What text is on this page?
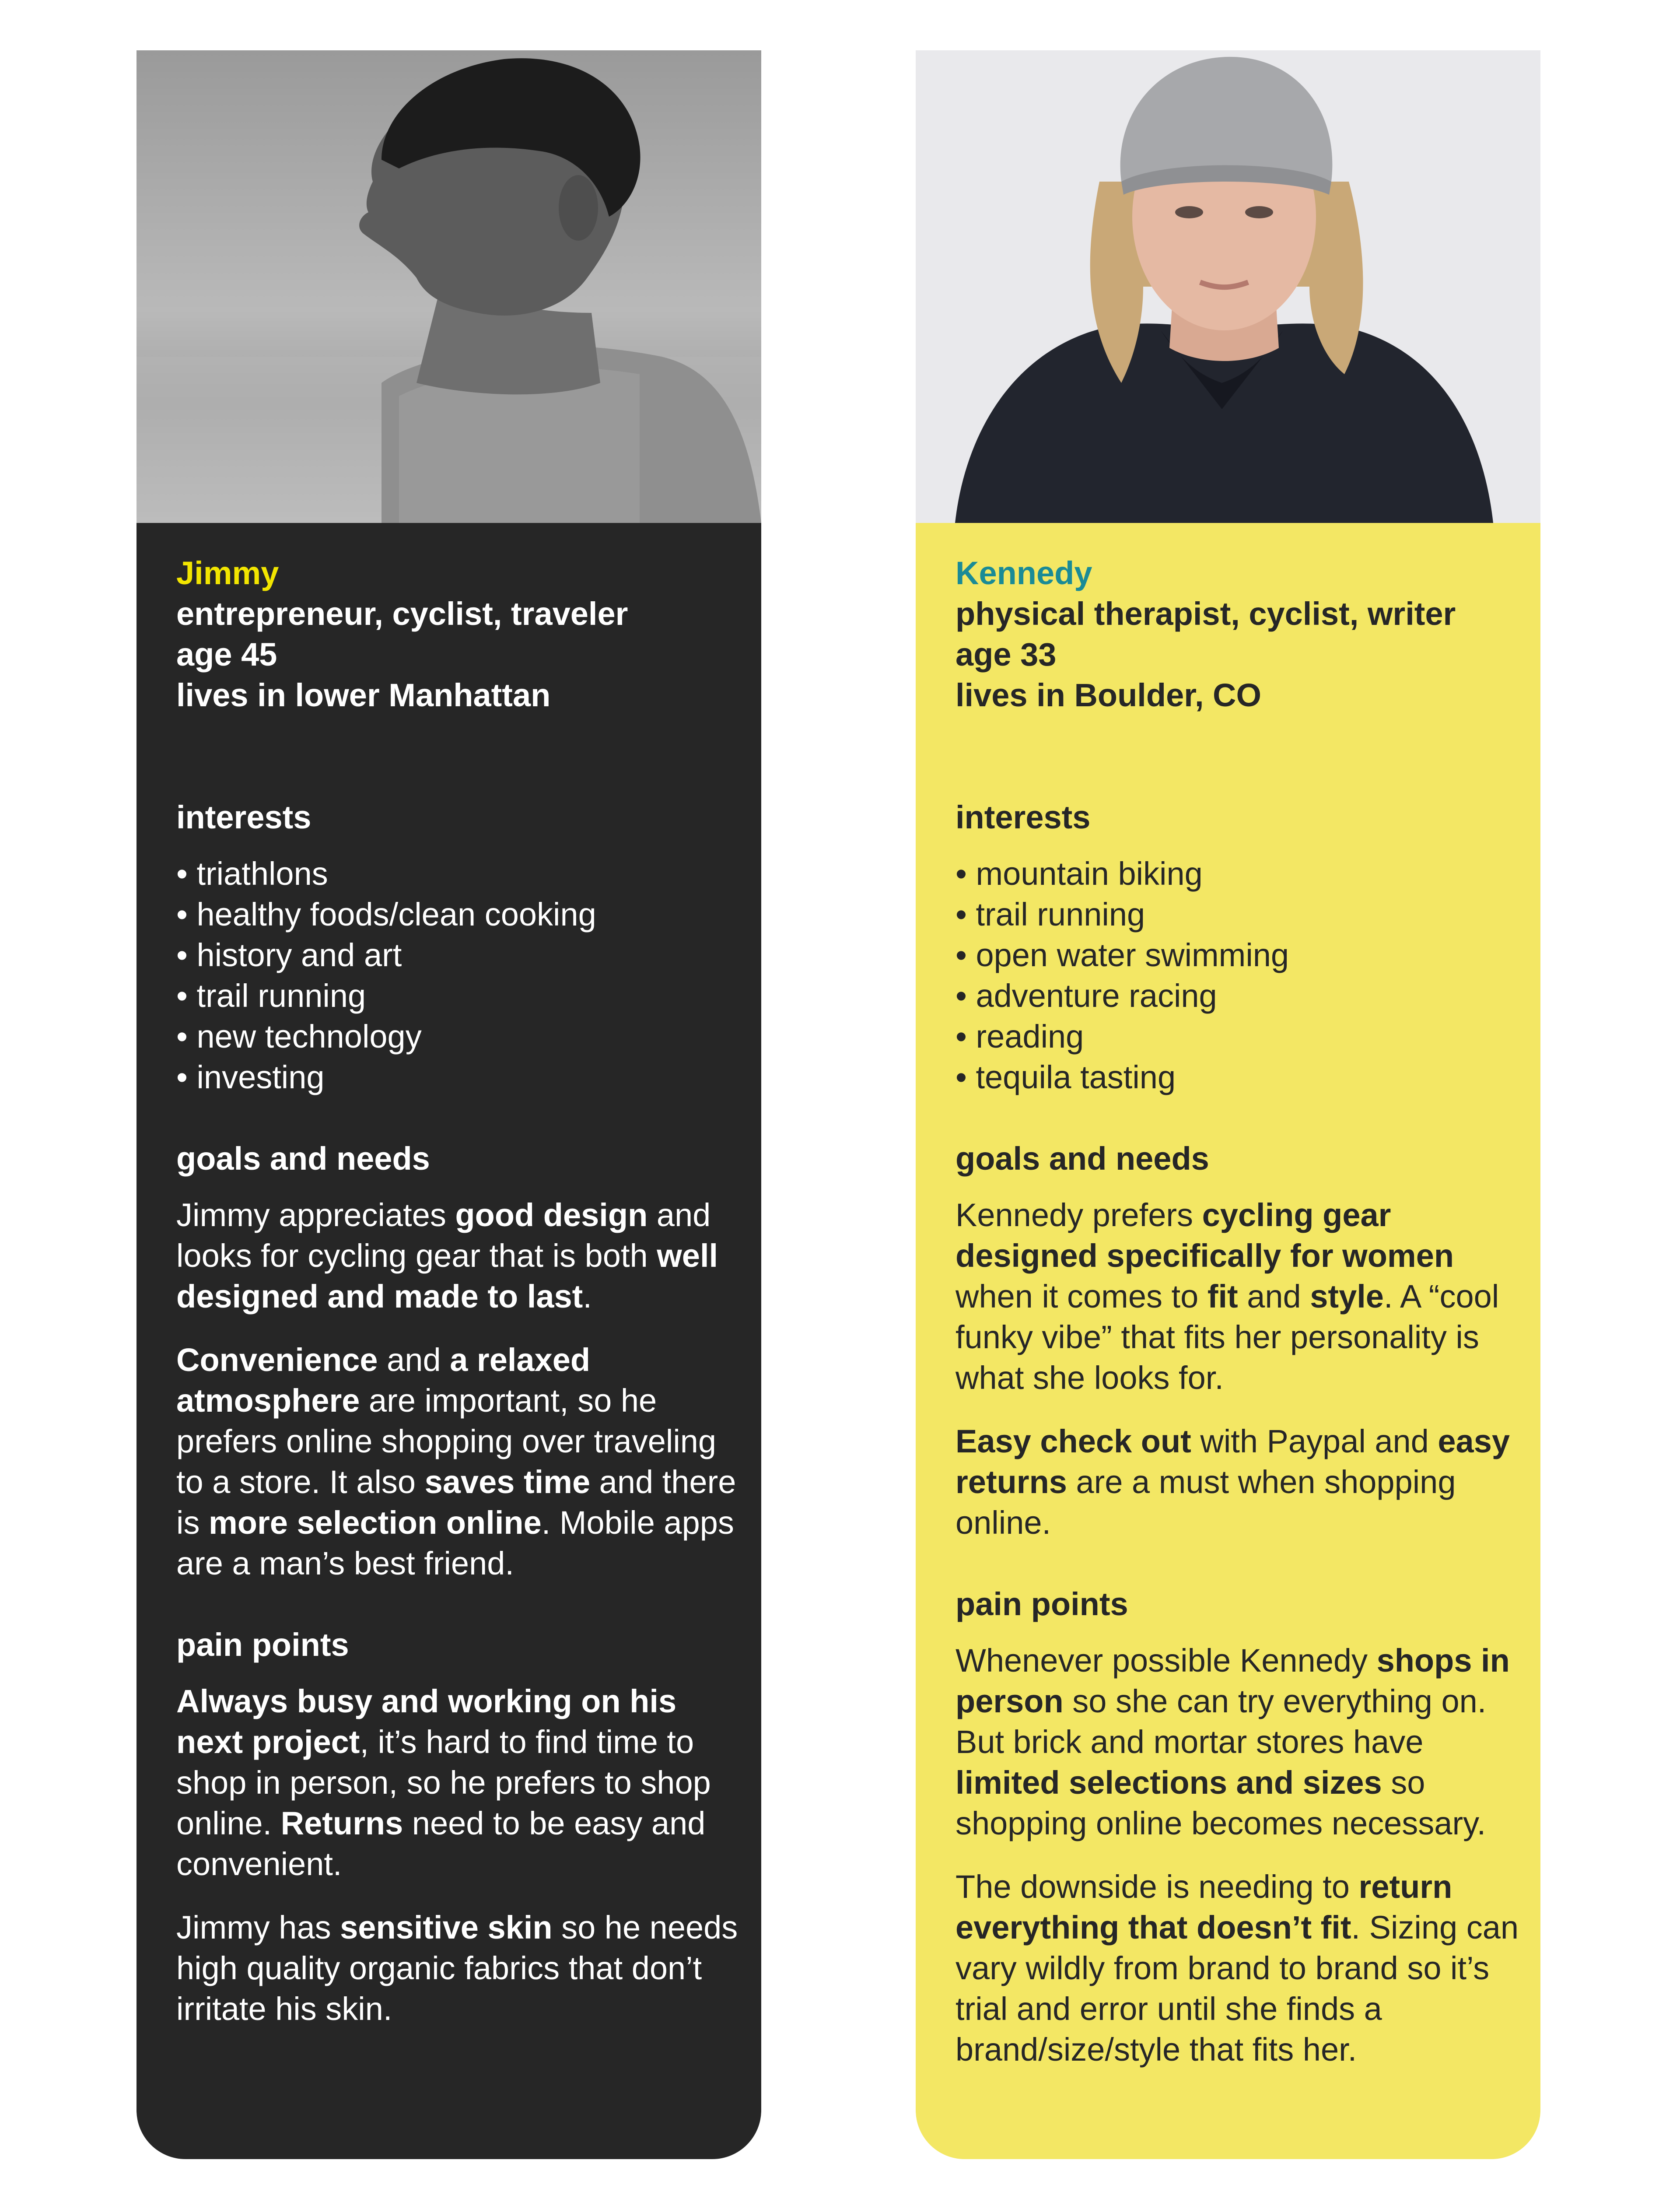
Jimmy
entrepreneur, cyclist, traveler
age 45
lives in lower Manhattan
interests
• triathlons
• healthy foods/clean cooking
• history and art
• trail running
• new technology
• investing
goals and needs

Jimmy appreciates good design and looks for cycling gear that is both well designed and made to last.

Convenience and a relaxed atmosphere are important, so he prefers online shopping over traveling to a store. It also saves time and there is more selection online. Mobile apps are a man’s best friend.

pain points

Always busy and working on his next project, it’s hard to find time to shop in person, so he prefers to shop online. Returns need to be easy and convenient.

Jimmy has sensitive skin so he needs high quality organic fabrics that don’t irritate his skin.

Kennedy
physical therapist, cyclist, writer
age 33
lives in Boulder, CO
interests
• mountain biking
• trail running
• open water swimming
• adventure racing
• reading
• tequila tasting
goals and needs

Kennedy prefers cycling gear designed specifically for women when it comes to fit and style. A “cool funky vibe” that fits her personality is what she looks for.

Easy check out with Paypal and easy returns are a must when shopping online.

pain points

Whenever possible Kennedy shops in person so she can try everything on. But brick and mortar stores have limited selections and sizes so shopping online becomes necessary.

The downside is needing to return everything that doesn’t fit. Sizing can vary wildly from brand to brand so it’s trial and error until she finds a brand/size/style that fits her.
